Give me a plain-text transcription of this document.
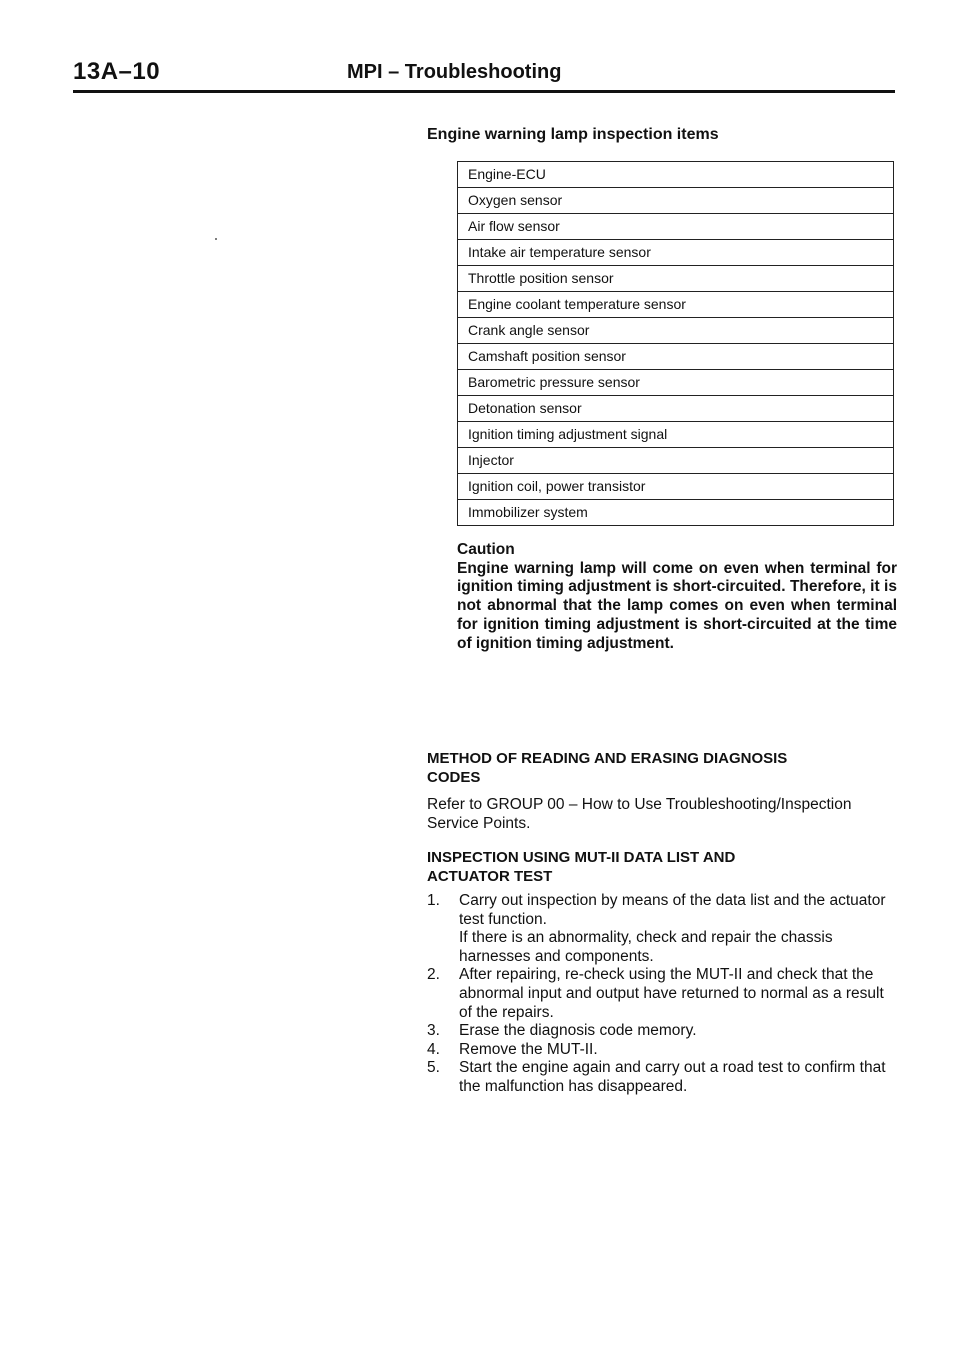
13A–10	MPI – Troubleshooting
Engine warning lamp inspection items
Engine-ECU
Oxygen sensor
Air flow sensor
Intake air temperature sensor
Throttle position sensor
Engine coolant temperature sensor
Crank angle sensor
Camshaft position sensor
Barometric pressure sensor
Detonation sensor
Ignition timing adjustment signal
Injector
Ignition coil, power transistor
Immobilizer system

Caution

Engine warning lamp will come on even when terminal for ignition timing adjustment is short-circuited. Therefore, it is not abnormal that the lamp comes on even when terminal for ignition timing adjustment is short-circuited at the time of ignition timing adjustment.

METHOD OF READING AND ERASING DIAGNOSIS
CODES
Refer to GROUP 00 – How to Use Troubleshooting/Inspection Service Points.
INSPECTION USING MUT-II DATA LIST AND
ACTUATOR TEST
1.	Carry out inspection by means of the data list and the actuator test function.
If there is an abnormality, check and repair the chassis harnesses and components.
2.	After repairing, re-check using the MUT-II and check that the abnormal input and output have returned to normal as a result of the repairs.
3.	Erase the diagnosis code memory.
4.	Remove the MUT-II.
5.	Start the engine again and carry out a road test to confirm that the malfunction has disappeared.
